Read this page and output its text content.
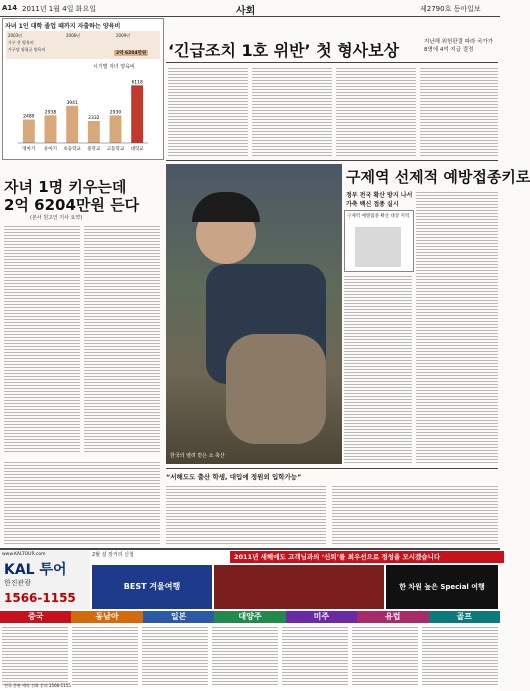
A14 2011년 1월 4일 화요일	사회	제2790호 동아일보
자녀 1인 대학 졸업 때까지 자출하는 양육비
2003년	2006년	2009년
가구 총 양육비
가구당 월평균 양육비
2억 6204만원
시기별 자녀 양육비
2489
영아기
2938
유아기
3941
초등학교
2332
중학교
2930
고등학교
6118
대학교
자녀 1명 키우는데
2억 6204만원 든다
(본사 원고인 기사 요약)
‘긴급조치 1호 위반’ 첫 형사보상	지난해 위헌판결 따라 국가가 8명에 4억 지급 결정
한국의 염려 받은 소 축산
구제역 선제적 예방접종키로
정부 전국 확산 방지 나서
가축 백신 접종 실시
구제역 예방접종 확산 대상 지역
“서해도도 출산 학생, 대입에 정원외 입학가능”
www.KALTOUR.com
KAL 투어
한진관광
1566-1155
2월 설 장거리 신청	2011년 새해에도 고객님과의 ‘신뢰’를 최우선으로 정성을 모시겠습니다
BEST 겨울여행	한 차원 높은 Special 여행
중국	동남아	일본	대양주	미주	유럽	골프
전국 총판 예약 전화 문의 1566-1155
